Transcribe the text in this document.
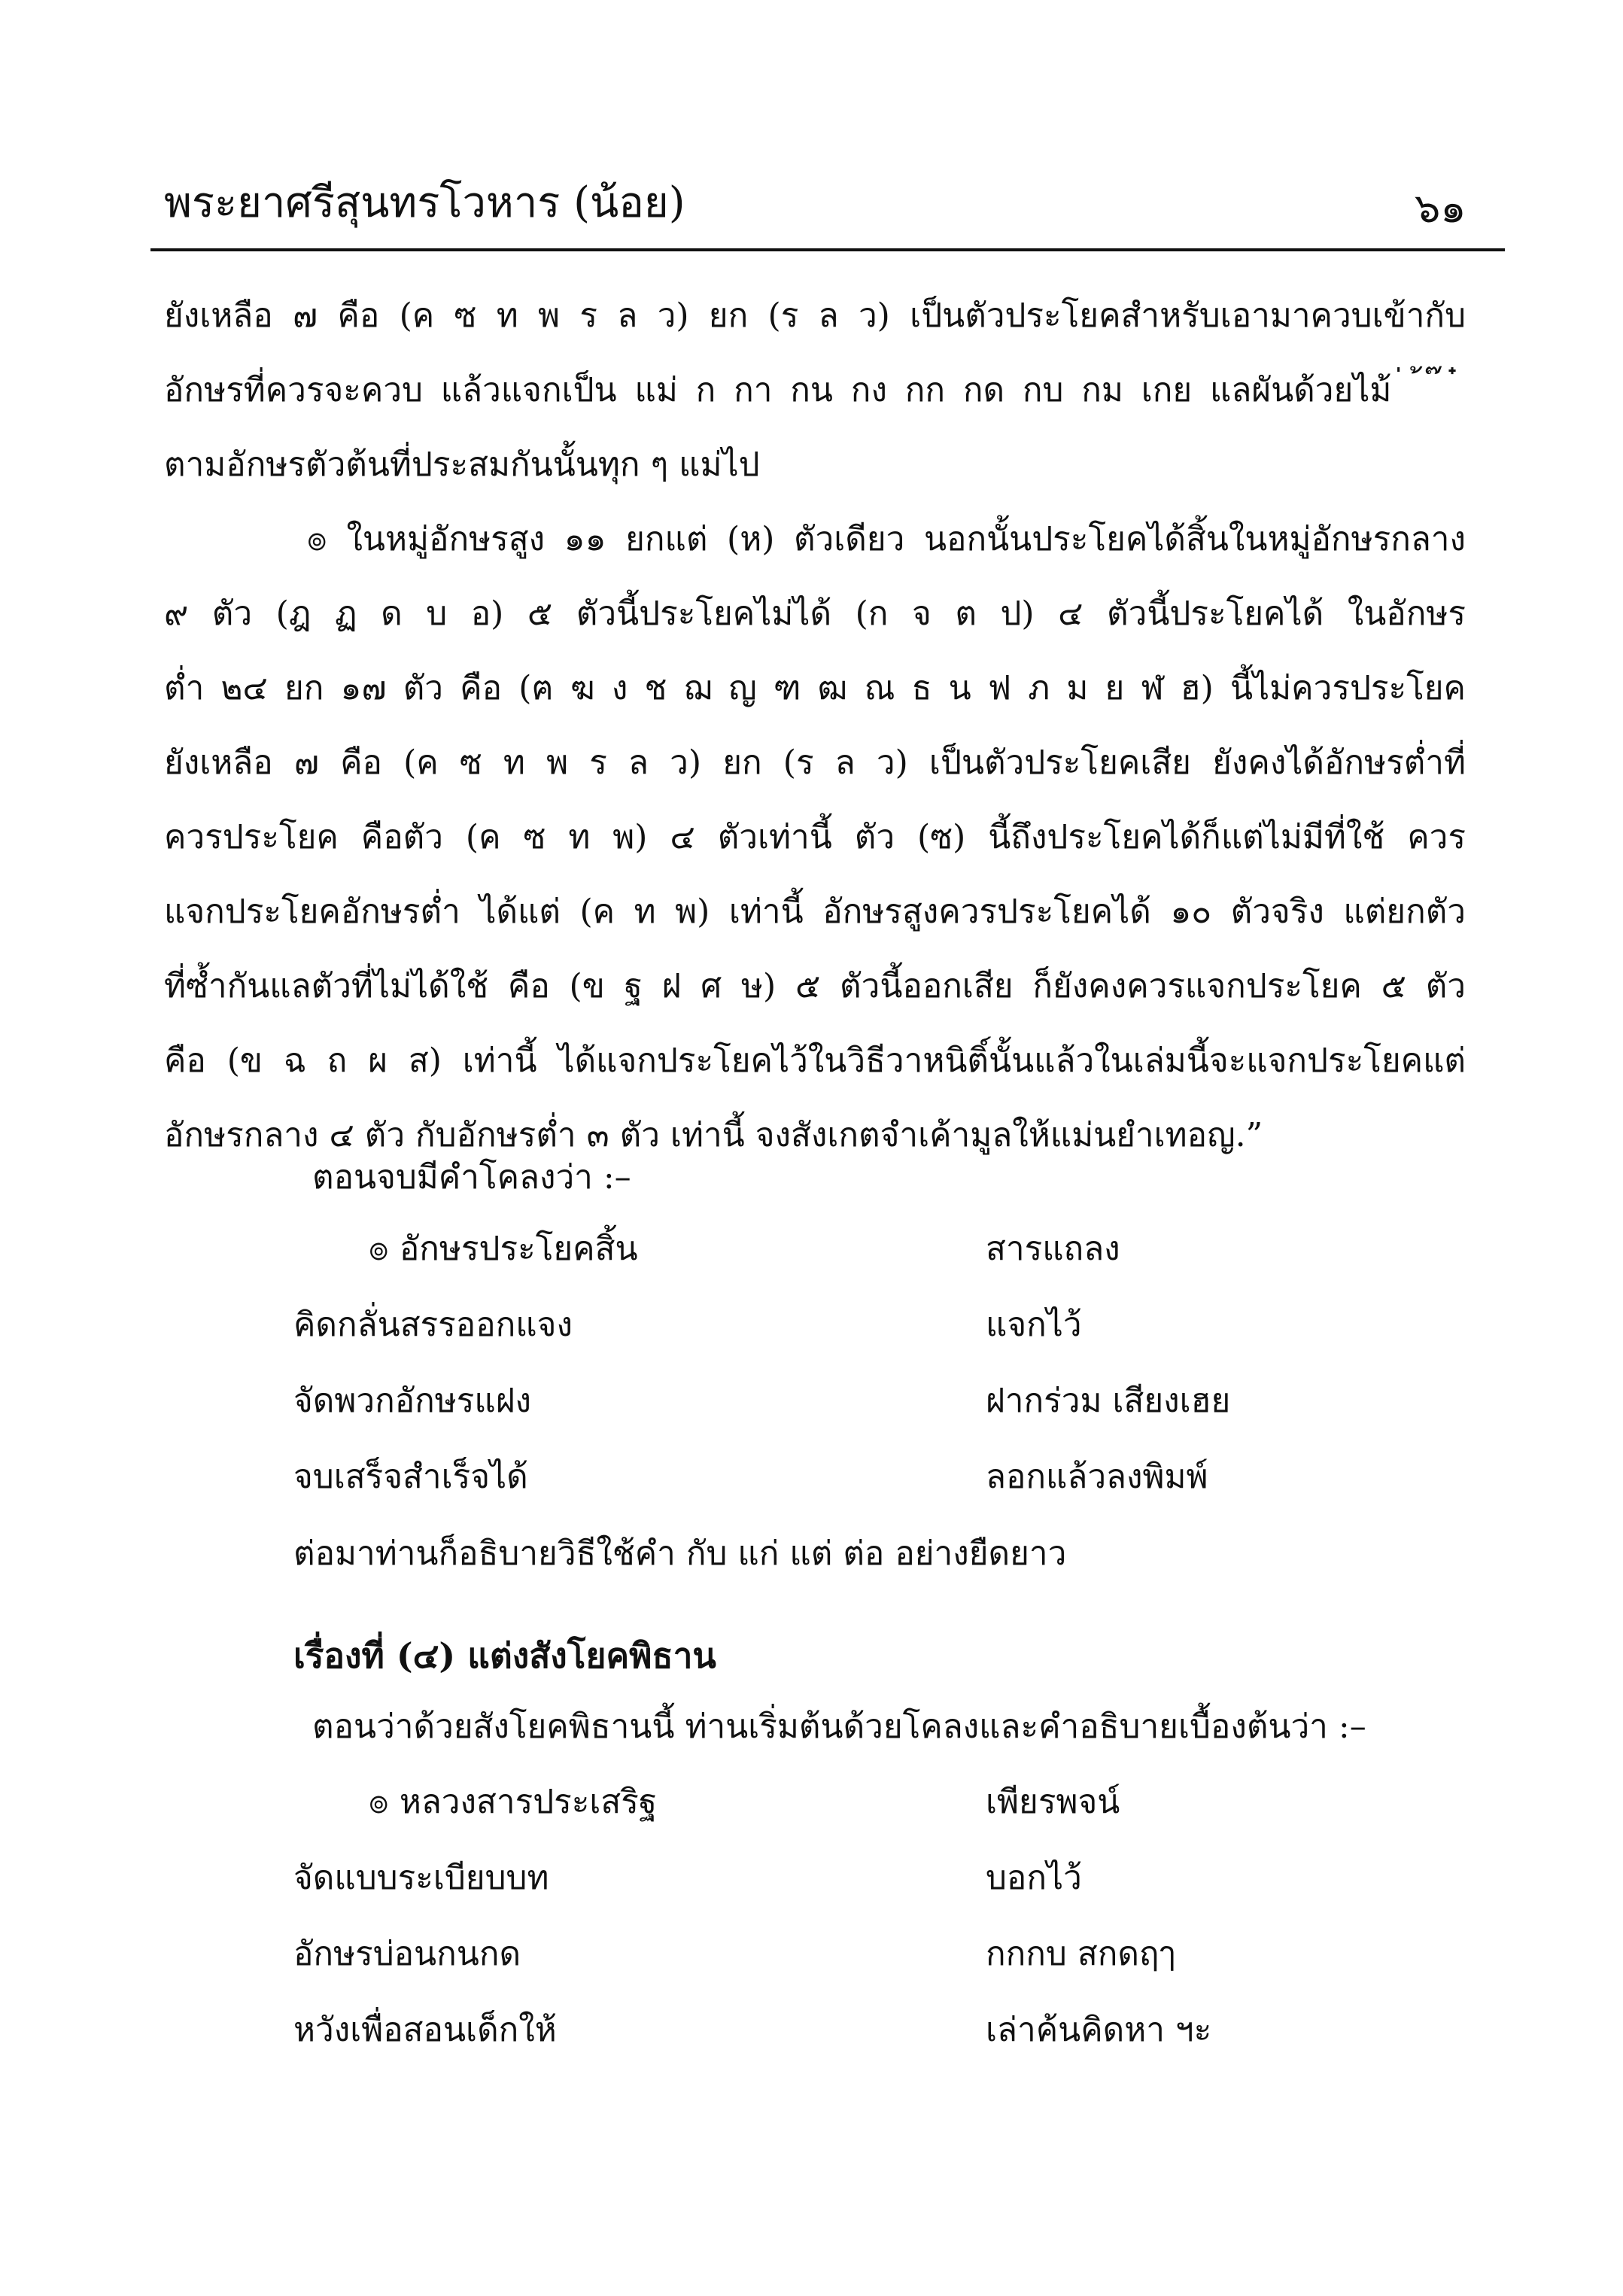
พระยาศรีสุนทรโวหาร (น้อย)	๖๑
ยังเหลือ ๗ คือ (ค ซ ท พ ร ล ว) ยก (ร ล ว) เป็นตัวประโยคสำหรับเอามาควบเข้ากับ
อักษรที่ควรจะควบ แล้วแจกเป็น แม่ ก กา กน กง กก กด กบ กม เกย แลผันด้วยไม้ ่ ้ ๊ ๋
ตามอักษรตัวต้นที่ประสมกันนั้นทุก ๆ แม่ไป
๏ ในหมู่อักษรสูง ๑๑ ยกแต่ (ห) ตัวเดียว นอกนั้นประโยคได้สิ้นในหมู่อักษรกลาง
๙ ตัว (ฎ ฏ ด บ อ) ๕ ตัวนี้ประโยคไม่ได้ (ก จ ต ป) ๔ ตัวนี้ประโยคได้ ในอักษร
ต่ำ ๒๔ ยก ๑๗ ตัว คือ (ฅ ฆ ง ช ฌ ญ ฑ ฒ ณ ธ น ฟ ภ ม ย ฬ ฮ) นี้ไม่ควรประโยค
ยังเหลือ ๗ คือ (ค ซ ท พ ร ล ว) ยก (ร ล ว) เป็นตัวประโยคเสีย ยังคงได้อักษรต่ำที่
ควรประโยค คือตัว (ค ซ ท พ) ๔ ตัวเท่านี้ ตัว (ซ) นี้ถึงประโยคได้ก็แต่ไม่มีที่ใช้ ควร
แจกประโยคอักษรต่ำ ได้แต่ (ค ท พ) เท่านี้ อักษรสูงควรประโยคได้ ๑๐ ตัวจริง แต่ยกตัว
ที่ซ้ำกันแลตัวที่ไม่ได้ใช้ คือ (ข ฐ ฝ ศ ษ) ๕ ตัวนี้ออกเสีย ก็ยังคงควรแจกประโยค ๕ ตัว
คือ (ข ฉ ถ ผ ส) เท่านี้ ได้แจกประโยคไว้ในวิธีวาหนิติ์นั้นแล้วในเล่มนี้จะแจกประโยคแต่
อักษรกลาง ๔ ตัว กับอักษรต่ำ ๓ ตัว เท่านี้ จงสังเกตจำเค้ามูลให้แม่นยำเทอญ.”
ตอนจบมีคำโคลงว่า :–
๏ อักษรประโยคสิ้น	สารแถลง
คิดกลั่นสรรออกแจง	แจกไว้
จัดพวกอักษรแฝง	ฝากร่วม เสียงเฮย
จบเสร็จสำเร็จได้	ลอกแล้วลงพิมพ์
ต่อมาท่านก็อธิบายวิธีใช้คำ กับ แก่ แต่ ต่อ อย่างยืดยาว
เรื่องที่ (๔) แต่งสังโยคพิธาน
ตอนว่าด้วยสังโยคพิธานนี้ ท่านเริ่มต้นด้วยโคลงและคำอธิบายเบื้องต้นว่า :–
๏ หลวงสารประเสริฐ	เพียรพจน์
จัดแบบระเบียบบท	บอกไว้
อักษรบ่อนกนกด	กกกบ สกดฤๅ
หวังเพื่อสอนเด็กให้	เล่าค้นคิดหา ฯะ
